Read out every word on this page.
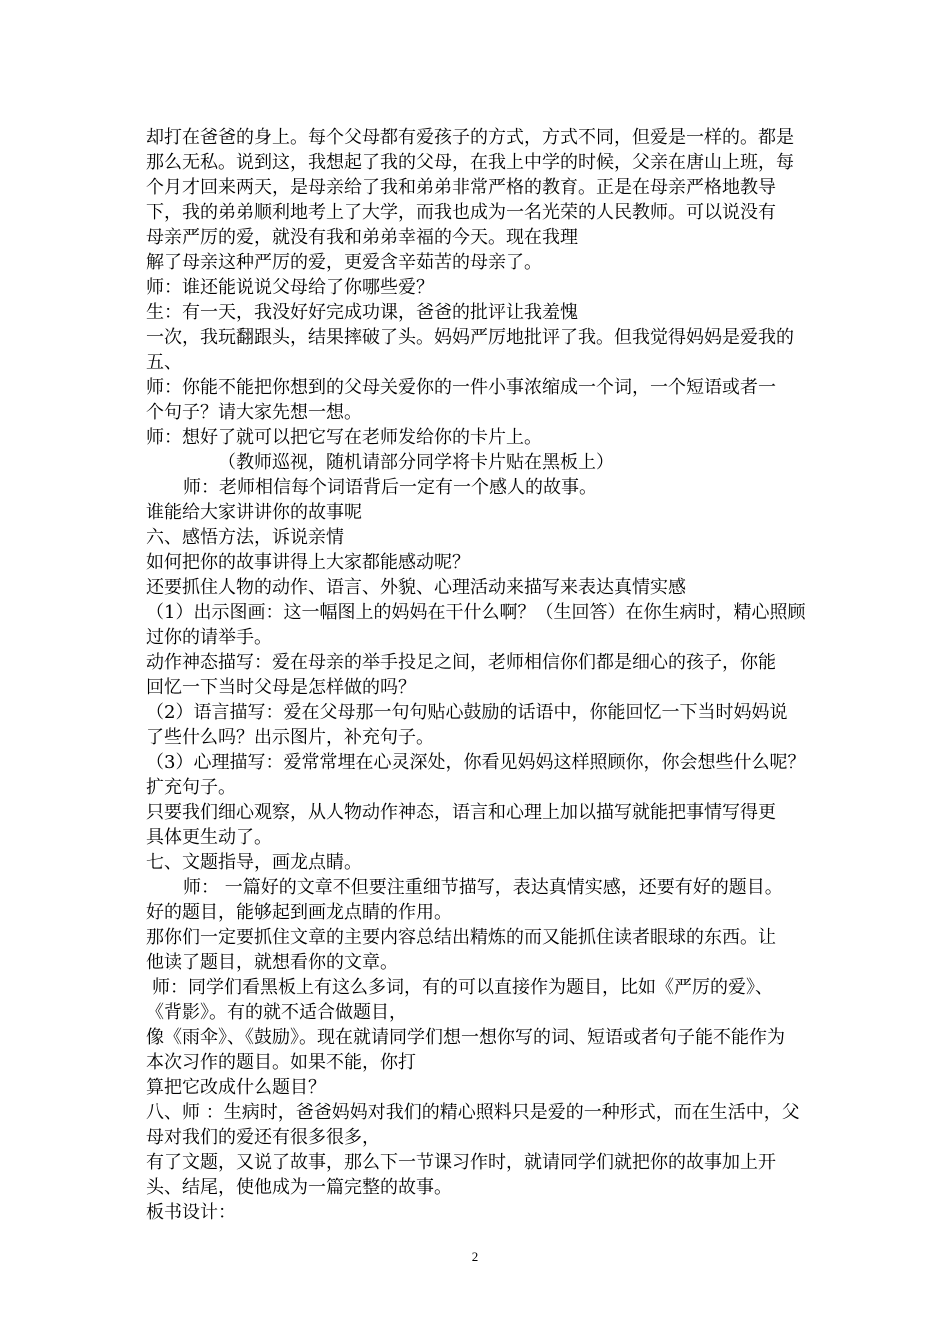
却打在爸爸的身上。每个父母都有爱孩子的方式，方式不同，但爱是一样的。都是
那么无私。说到这，我想起了我的父母，在我上中学的时候，父亲在唐山上班，每
个月才回来两天，是母亲给了我和弟弟非常严格的教育。正是在母亲严格地教导
下，我的弟弟顺利地考上了大学，而我也成为一名光荣的人民教师。可以说没有
母亲严厉的爱，就没有我和弟弟幸福的今天。现在我理
解了母亲这种严厉的爱，更爱含辛茹苦的母亲了。
师：谁还能说说父母给了你哪些爱？
生：有一天，我没好好完成功课，爸爸的批评让我羞愧
一次，我玩翻跟头，结果摔破了头。妈妈严厉地批评了我。但我觉得妈妈是爱我的
五、
师：你能不能把你想到的父母关爱你的一件小事浓缩成一个词，一个短语或者一
个句子？请大家先想一想。
师：想好了就可以把它写在老师发给你的卡片上。
（教师巡视，随机请部分同学将卡片贴在黑板上）
师：老师相信每个词语背后一定有一个感人的故事。
谁能给大家讲讲你的故事呢
六、感悟方法，诉说亲情
如何把你的故事讲得上大家都能感动呢？
还要抓住人物的动作、语言、外貌、心理活动来描写来表达真情实感
（1）出示图画：这一幅图上的妈妈在干什么啊？（生回答）在你生病时，精心照顾
过你的请举手。
动作神态描写：爱在母亲的举手投足之间，老师相信你们都是细心的孩子，你能
回忆一下当时父母是怎样做的吗？
（2）语言描写：爱在父母那一句句贴心鼓励的话语中，你能回忆一下当时妈妈说
了些什么吗？出示图片，补充句子。
（3）心理描写：爱常常埋在心灵深处，你看见妈妈这样照顾你，你会想些什么呢？
扩充句子。
只要我们细心观察，从人物动作神态，语言和心理上加以描写就能把事情写得更
具体更生动了。
七、文题指导，画龙点睛。
师： 一篇好的文章不但要注重细节描写，表达真情实感，还要有好的题目。
好的题目，能够起到画龙点睛的作用。
那你们一定要抓住文章的主要内容总结出精炼的而又能抓住读者眼球的东西。让
他读了题目，就想看你的文章。
师：同学们看黑板上有这么多词，有的可以直接作为题目，比如《严厉的爱》、
《背影》。有的就不适合做题目，
像《雨伞》、《鼓励》。现在就请同学们想一想你写的词、短语或者句子能不能作为
本次习作的题目。如果不能，你打
算把它改成什么题目？
八、师 ：生病时，爸爸妈妈对我们的精心照料只是爱的一种形式，而在生活中，父
母对我们的爱还有很多很多，
有了文题，又说了故事，那么下一节课习作时，就请同学们就把你的故事加上开
头、结尾，使他成为一篇完整的故事。
板书设计：
2
